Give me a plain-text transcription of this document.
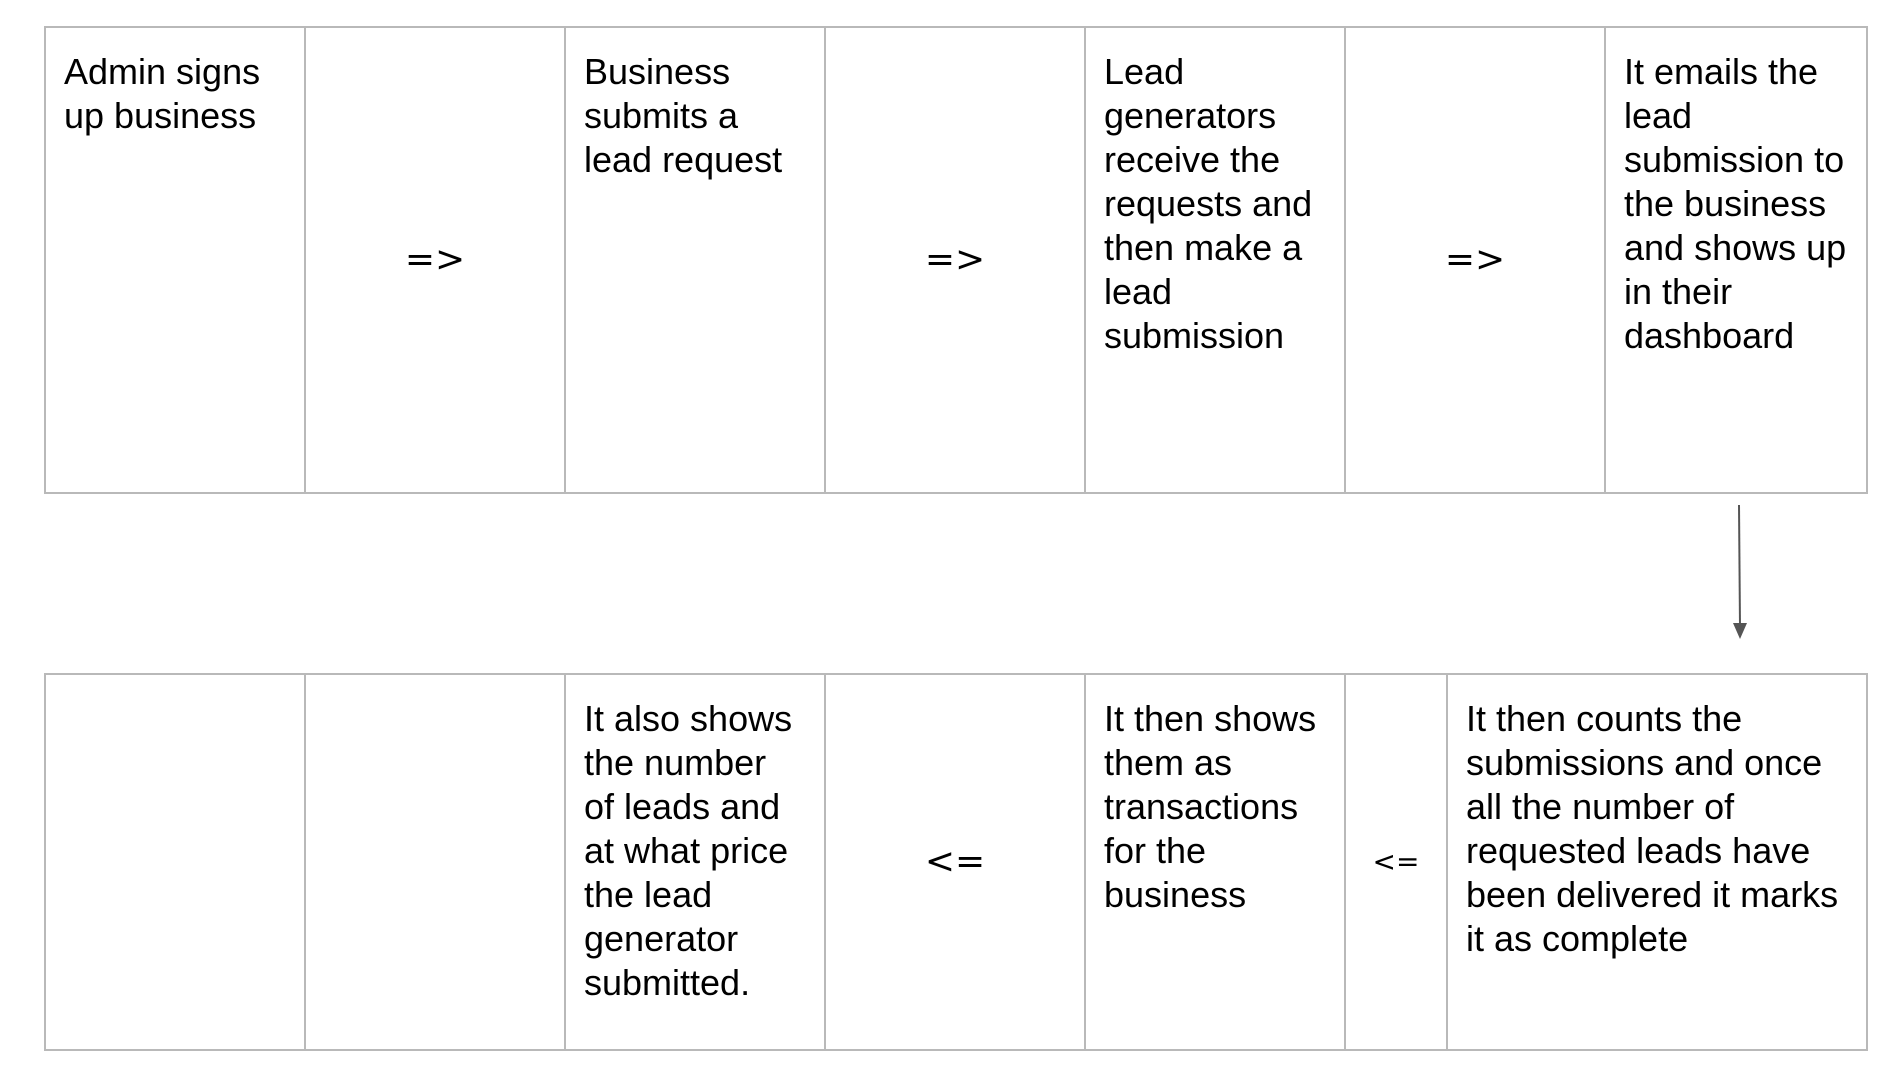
Admin signs up business	=>	Business submits a lead request	=>	Lead generators receive the requests and then make a lead submission	=>	It emails the lead submission to the business and shows up in their dashboard
		It also shows the number of leads and at what price the lead generator submitted.	<=	It then shows them as transactions for the business	<=	It then counts the submissions and once all the number of requested leads have been delivered it marks it as complete
